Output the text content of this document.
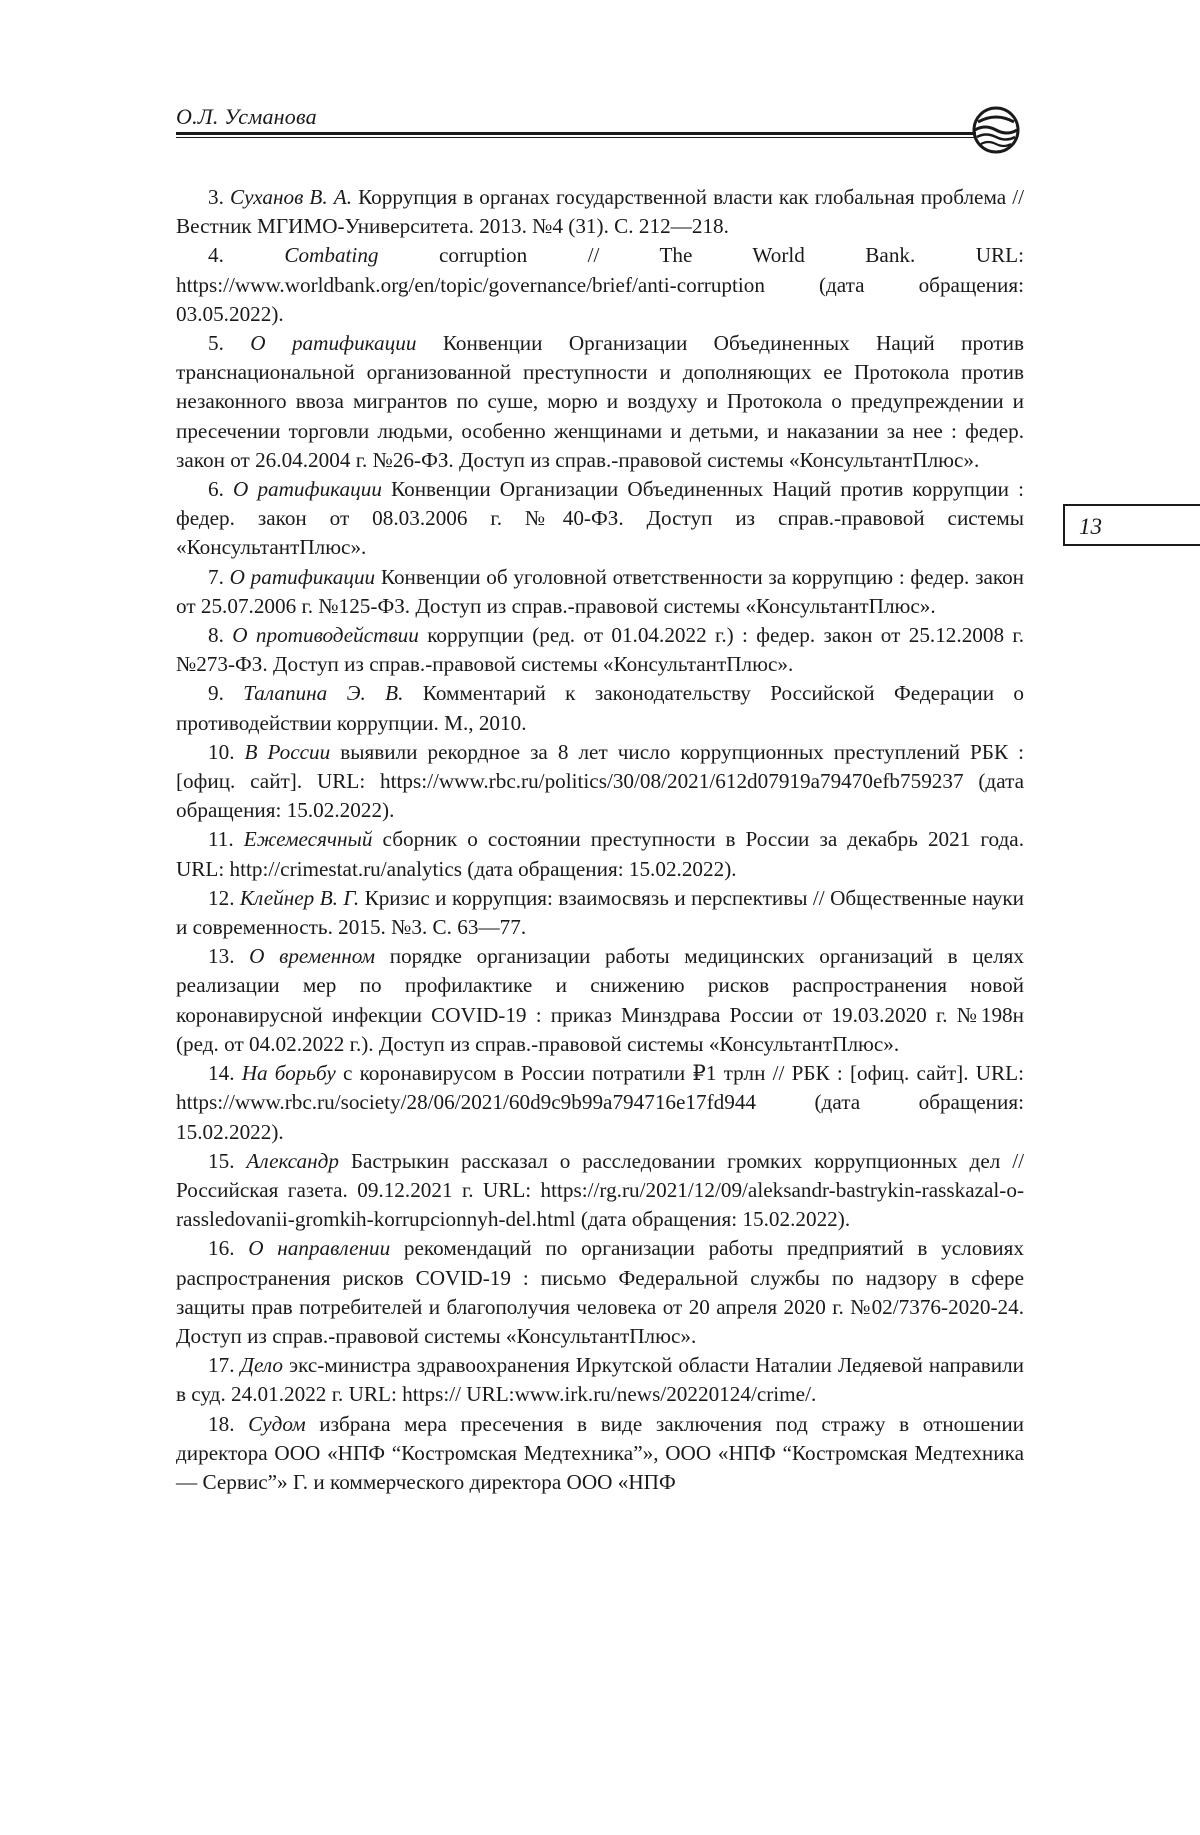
О.Л. Усманова
13

3. Суханов В. А. Коррупция в органах государственной власти как глобальная проблема // Вестник МГИМО-Университета. 2013. №4 (31). С. 212—218.

4.	Combating corruption // The World Bank. URL: https://www.worldbank.org/en/topic/governance/brief/anti-corruption (дата обращения: 03.05.2022).

5. О ратификации Конвенции Организации Объединенных Наций против транснациональной организованной преступности и дополняющих ее Протокола против незаконного ввоза мигрантов по суше, морю и воздуху и Протокола о предупреждении и пресечении торговли людьми, особенно женщинами и детьми, и наказании за нее : федер. закон от 26.04.2004 г. №26-ФЗ. Доступ из справ.-правовой системы «КонсультантПлюс».

6. О ратификации Конвенции Организации Объединенных Наций против коррупции : федер. закон от 08.03.2006 г. №40-ФЗ. Доступ из справ.-правовой системы «КонсультантПлюс».

7. О ратификации Конвенции об уголовной ответственности за коррупцию : федер. закон от 25.07.2006 г. №125-ФЗ. Доступ из справ.-правовой системы «КонсультантПлюс».

8. О противодействии коррупции (ред. от 01.04.2022 г.) : федер. закон от 25.12.2008 г. №273-ФЗ. Доступ из справ.-правовой системы «КонсультантПлюс».

9. Талапина Э. В. Комментарий к законодательству Российской Федерации о противодействии коррупции. М., 2010.

10. В России выявили рекордное за 8 лет число коррупционных преступлений РБК : [офиц. сайт]. URL: https://www.rbc.ru/politics/30/08/2021/612d07919a79470efb759237 (дата обращения: 15.02.2022).

11. Ежемесячный сборник о состоянии преступности в России за декабрь 2021 года. URL: http://crimestat.ru/analytics (дата обращения: 15.02.2022).

12. Клейнер В. Г. Кризис и коррупция: взаимосвязь и перспективы // Общественные науки и современность. 2015. №3. С. 63—77.

13. О временном порядке организации работы медицинских организаций в целях реализации мер по профилактике и снижению рисков распространения новой коронавирусной инфекции COVID-19 : приказ Минздрава России от 19.03.2020 г. №198н (ред. от 04.02.2022 г.). Доступ из справ.-правовой системы «КонсультантПлюс».

14. На борьбу с коронавирусом в России потратили ₽1 трлн // РБК : [офиц. сайт]. URL: https://www.rbc.ru/society/28/06/2021/60d9c9b99a794716e17fd944 (дата обращения: 15.02.2022).

15. Александр Бастрыкин рассказал о расследовании громких коррупционных дел // Российская газета. 09.12.2021 г. URL: https://rg.ru/2021/12/09/aleksandr-bastrykin-rasskazal-o-rassledovanii-gromkih-korrupcionnyh-del.html (дата обращения: 15.02.2022).

16. О направлении рекомендаций по организации работы предприятий в условиях распространения рисков COVID-19 : письмо Федеральной службы по надзору в сфере защиты прав потребителей и благополучия человека от 20 апреля 2020 г. №02/7376-2020-24. Доступ из справ.-правовой системы «КонсультантПлюс».

17. Дело экс-министра здравоохранения Иркутской области Наталии Ледяевой направили в суд. 24.01.2022 г. URL: https:// URL:www.irk.ru/news/20220124/crime/.

18. Судом избрана мера пресечения в виде заключения под стражу в отношении директора ООО «НПФ “Костромская Медтехника”», ООО «НПФ “Костромская Медтехника — Сервис”» Г. и коммерческого директора ООО «НПФ
